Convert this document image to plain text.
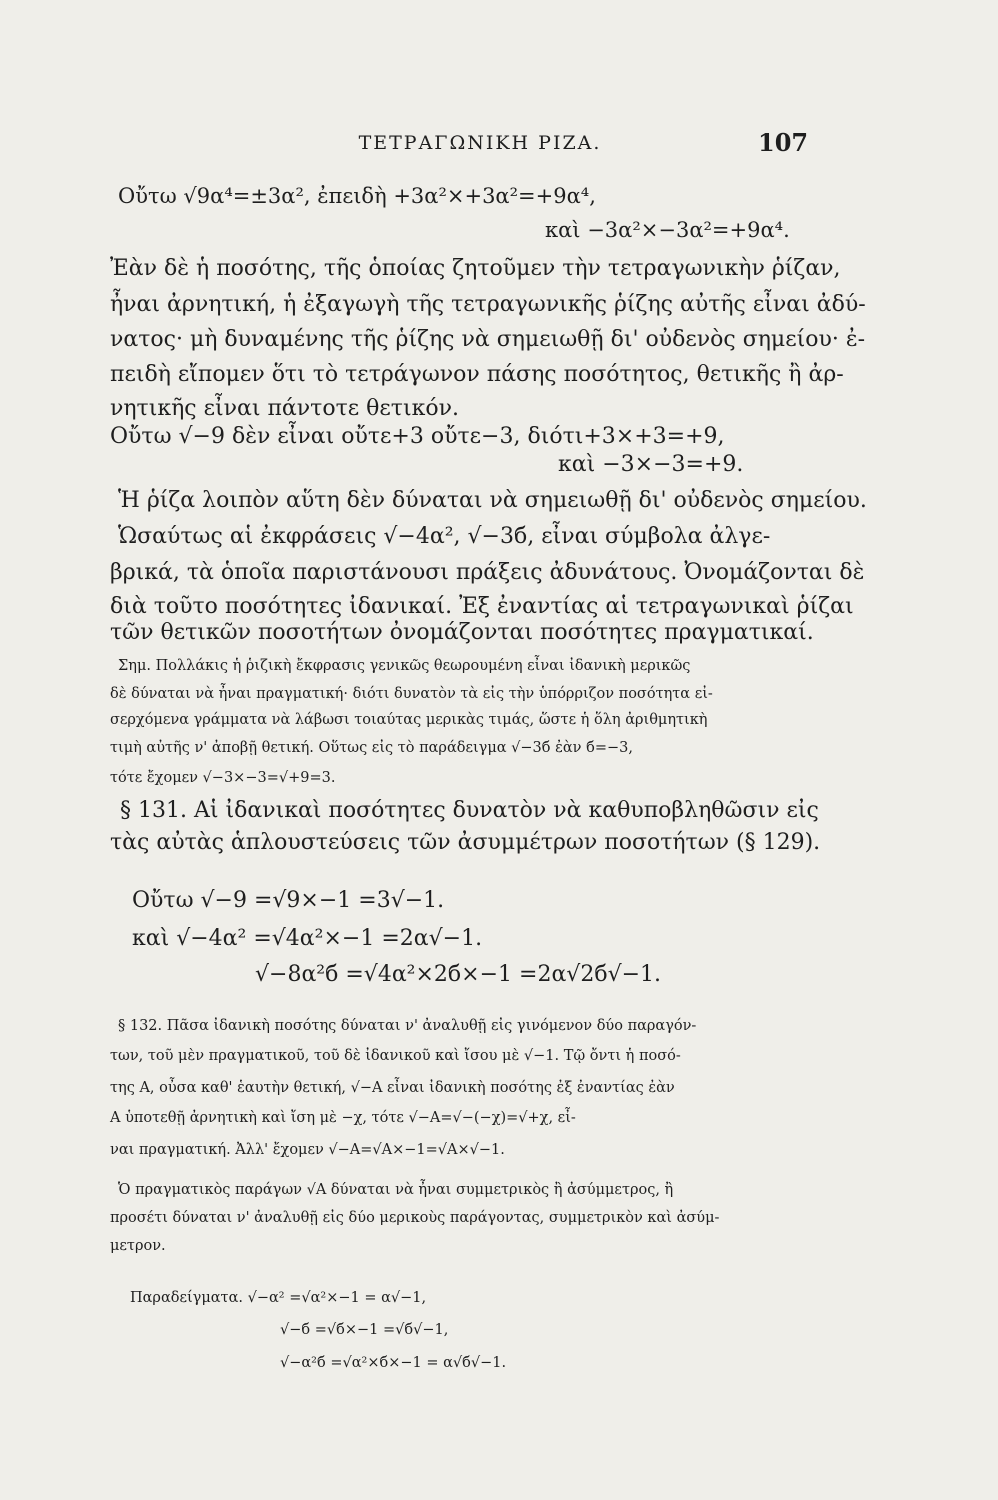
ΤΕΤΡΑΓΩΝΙΚΗ ΡΙΖΑ.	107
Οὔτω √9α⁴=±3α², ἐπειδὴ +3α²×+3α²=+9α⁴,
καὶ −3α²×−3α²=+9α⁴.
Ἐὰν δὲ ἡ ποσότης, τῆς ὁποίας ζητοῦμεν τὴν τετραγωνικὴν ῥίζαν,
ἦναι ἀρνητική, ἡ ἐξαγωγὴ τῆς τετραγωνικῆς ῥίζης αὐτῆς εἶναι ἀδύ-
νατος· μὴ δυναμένης τῆς ῥίζης νὰ σημειωθῇ δι' οὐδενὸς σημείου· ἐ-
πειδὴ εἴπομεν ὅτι τὸ τετράγωνον πάσης ποσότητος, θετικῆς ἢ ἀρ-
νητικῆς εἶναι πάντοτε θετικόν.
Οὔτω √−9 δὲν εἶναι οὔτε+3 οὔτε−3, διότι+3×+3=+9,
καὶ −3×−3=+9.
Ἡ ῥίζα λοιπὸν αὕτη δὲν δύναται νὰ σημειωθῇ δι' οὐδενὸς σημείου.
Ὡσαύτως αἱ ἐκφράσεις √−4α², √−3б, εἶναι σύμβολα ἀλγε-
βρικά, τὰ ὁποῖα παριστάνουσι πράξεις ἀδυνάτους. Ὀνομάζονται δὲ
διὰ τοῦτο ποσότητες ἰδανικαί. Ἐξ ἐναντίας αἱ τετραγωνικαὶ ῥίζαι
τῶν θετικῶν ποσοτήτων ὀνομάζονται ποσότητες πραγματικαί.
Σημ. Πολλάκις ἡ ῥιζικὴ ἔκφρασις γενικῶς θεωρουμένη εἶναι ἰδανικὴ μερικῶς
δὲ δύναται νὰ ἦναι πραγματική· διότι δυνατὸν τὰ εἰς τὴν ὑπόρριζον ποσότητα εἰ-
σερχόμενα γράμματα νὰ λάβωσι τοιαύτας μερικὰς τιμάς, ὥστε ἡ ὅλη ἀριθμητικὴ
τιμὴ αὐτῆς ν' ἀποβῇ θετική. Οὕτως εἰς τὸ παράδειγμα √−3б ἐὰν б=−3,
τότε ἔχομεν √−3×−3=√+9=3.
§ 131. Αἱ ἰδανικαὶ ποσότητες δυνατὸν νὰ καθυποβληθῶσιν εἰς
τὰς αὐτὰς ἁπλουστεύσεις τῶν ἀσυμμέτρων ποσοτήτων (§ 129).
Οὔτω √−9 =√9×−1 =3√−1.
καὶ √−4α² =√4α²×−1 =2α√−1.
√−8α²б =√4α²×2б×−1 =2α√2б√−1.
§ 132. Πᾶσα ἰδανικὴ ποσότης δύναται ν' ἀναλυθῇ εἰς γινόμενον δύο παραγόν-
των, τοῦ μὲν πραγματικοῦ, τοῦ δὲ ἰδανικοῦ καὶ ἴσου μὲ √−1. Τῷ ὄντι ἡ ποσό-
της Α, οὖσα καθ' ἑαυτὴν θετική, √−Α εἶναι ἰδανικὴ ποσότης ἐξ ἐναντίας ἐὰν
Α ὑποτεθῇ ἀρνητικὴ καὶ ἴση μὲ −χ, τότε √−Α=√−(−χ)=√+χ, εἶ-
ναι πραγματική. Ἀλλ' ἔχομεν √−Α=√Α×−1=√Α×√−1.
Ὁ πραγματικὸς παράγων √Α δύναται νὰ ἦναι συμμετρικὸς ἢ ἀσύμμετρος, ἢ
προσέτι δύναται ν' ἀναλυθῇ εἰς δύο μερικοὺς παράγοντας, συμμετρικὸν καὶ ἀσύμ-
μετρον.
Παραδείγματα. √−α² =√α²×−1 = α√−1,
√−б =√б×−1 =√б√−1,
√−α²б =√α²×б×−1 = α√б√−1.
